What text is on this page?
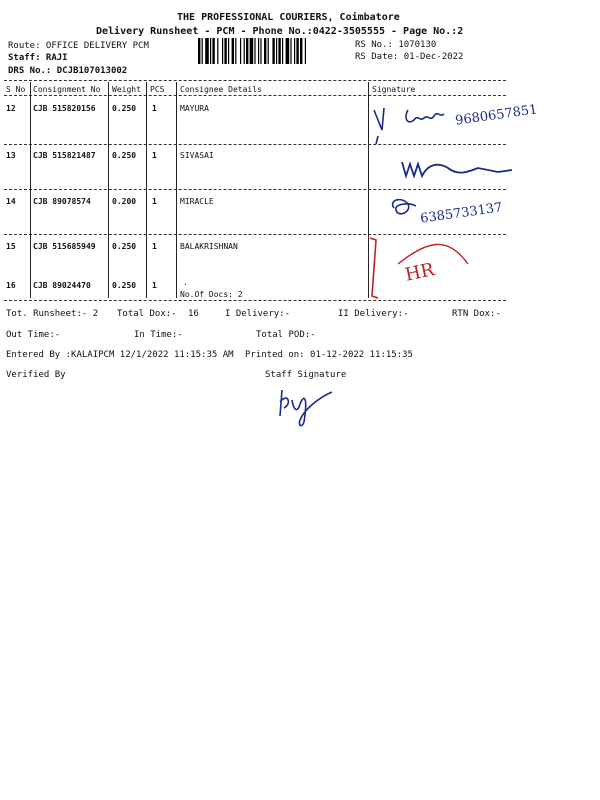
THE PROFESSIONAL COURIERS, Coimbatore
Delivery Runsheet - PCM - Phone No.:0422-3505555 - Page No.:2
Route: OFFICE DELIVERY PCM
Staff: RAJI
DRS No.: DCJB107013002
RS No.: 1070130
RS Date: 01-Dec-2022
S No Consignment No Weight PCS Consignee Details	Signature
12 CJB 515820156 0.250 1	MAYURA
13 CJB 515821487 0.250 1	SIVASAI
14 CJB 89078574	0.200 1	MIRACLE
15 CJB 515685949 0.250 1	BALAKRISHNAN
16 CJB 89024470	0.250 1	.
No.Of Docs: 2
9680657851
6385733137
HR
Tot. Runsheet:- 2 Total Dox:- 16	I Delivery:-	II Delivery:-	RTN Dox:-
Out Time:-	In Time:-	Total POD:-
Entered By :KALAIPCM 12/1/2022 11:15:35 AM Printed on: 01-12-2022 11:15:35
Verified By	Staff Signature
